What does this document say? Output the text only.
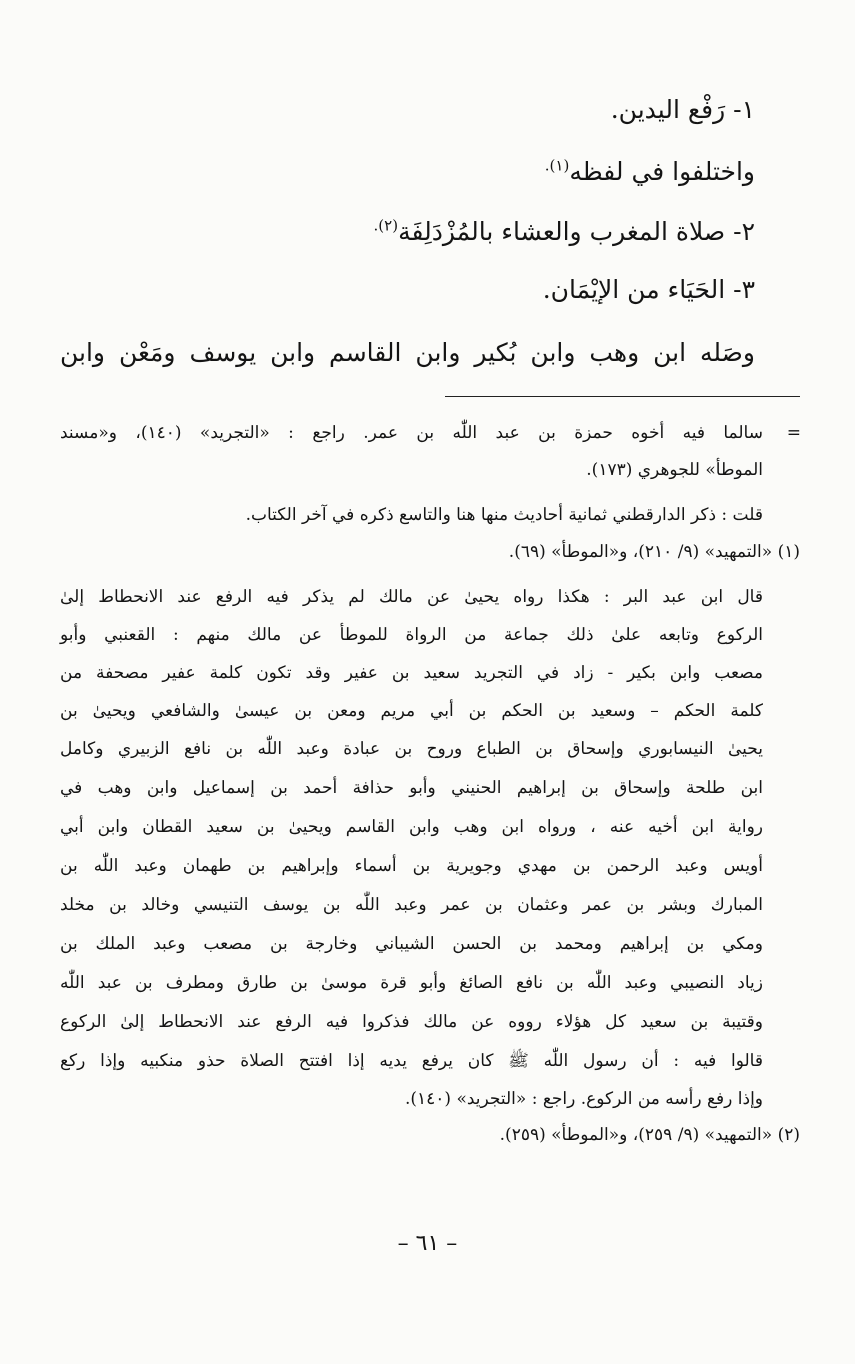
١- رَفْع اليدين.

واختلفوا في لفظه$^{(١).}$

٢- صلاة المغرب والعشاء بالمُزْدَلِفَة$^{(٢).}$

٣- الحَيَاء من الإيْمَان.

وصَله ابن وهب وابن بُكير وابن القاسم وابن يوسف ومَعْن وابن

=

سالما فيه أخوه حمزة بن عبد اللّٰه بن عمر. راجع : «التجريد» (١٤٠)، و«مسند

الموطأ» للجوهري (١٧٣).

قلت : ذكر الدارقطني ثمانية أحاديث منها هنا والتاسع ذكره في آخر الكتاب.

(١) «التمهيد» (٩/ ٢١٠)، و«الموطأ» (٦٩).

قال ابن عبد البر : هكذا رواه يحيىٰ عن مالك لم يذكر فيه الرفع عند الانحطاط إلىٰ

الركوع وتابعه علىٰ ذلك جماعة من الرواة للموطأ عن مالك منهم : القعنبي وأبو

مصعب وابن بكير - زاد في التجريد سعيد بن عفير وقد تكون كلمة عفير مصحفة من

كلمة الحكم – وسعيد بن الحكم بن أبي مريم ومعن بن عيسىٰ والشافعي ويحيىٰ بن

يحيىٰ النيسابوري وإسحاق بن الطباع وروح بن عبادة وعبد اللّٰه بن نافع الزبيري وكامل

ابن طلحة وإسحاق بن إبراهيم الحنيني وأبو حذافة أحمد بن إسماعيل وابن وهب في

رواية ابن أخيه عنه ، ورواه ابن وهب وابن القاسم ويحيىٰ بن سعيد القطان وابن أبي

أويس وعبد الرحمن بن مهدي وجويرية بن أسماء وإبراهيم بن طهمان وعبد اللّٰه بن

المبارك وبشر بن عمر وعثمان بن عمر وعبد اللّٰه بن يوسف التنيسي وخالد بن مخلد

ومكي بن إبراهيم ومحمد بن الحسن الشيباني وخارجة بن مصعب وعبد الملك بن

زياد النصيبي وعبد اللّٰه بن نافع الصائغ وأبو قرة موسىٰ بن طارق ومطرف بن عبد اللّٰه

وقتيبة بن سعيد كل هؤلاء رووه عن مالك فذكروا فيه الرفع عند الانحطاط إلىٰ الركوع

قالوا فيه : أن رسول اللّٰه ﷺ كان يرفع يديه إذا افتتح الصلاة حذو منكبيه وإذا ركع

وإذا رفع رأسه من الركوع. راجع : «التجريد» (١٤٠).

(٢) «التمهيد» (٩/ ٢٥٩)، و«الموطأ» (٢٥٩).

– ٦١ –
